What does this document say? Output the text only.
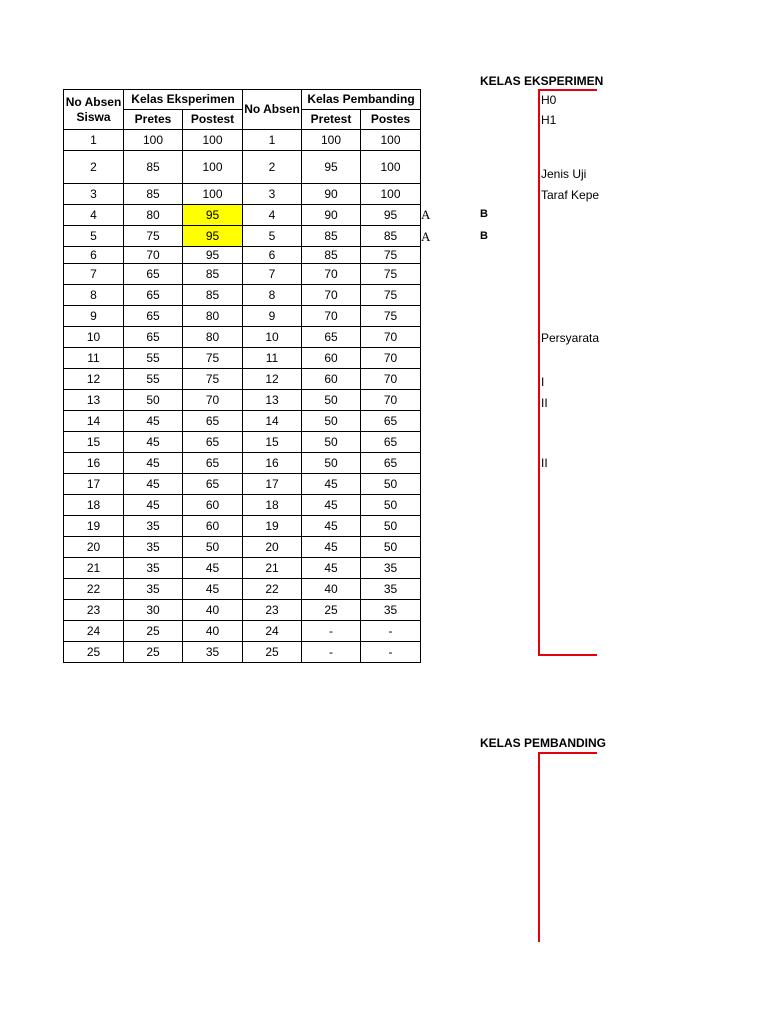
No Absen
Siswa	Kelas Eksperimen		No Absen	Kelas Pembanding	
	Pretes	Postest		Pretest	Postes
1	100	100	1	100	100
2	85	100	2	95	100
3	85	100	3	90	100
4	80	95	4	90	95
5	75	95	5	85	85
6	70	95	6	85	75
7	65	85	7	70	75
8	65	85	8	70	75
9	65	80	9	70	75
10	65	80	10	65	70
11	55	75	11	60	70
12	55	75	12	60	70
13	50	70	13	50	70
14	45	65	14	50	65
15	45	65	15	50	65
16	45	65	16	50	65
17	45	65	17	45	50
18	45	60	18	45	50
19	35	60	19	45	50
20	35	50	20	45	50
21	35	45	21	45	35
22	35	45	22	40	35
23	30	40	23	25	35
24	25	40	24	-	-
25	25	35	25	-	-
KELAS EKSPERIMEN
H0
H1
Jenis Uji
Taraf Kepe
Persyarata
I
II
II
A	B
A	B
KELAS PEMBANDING
